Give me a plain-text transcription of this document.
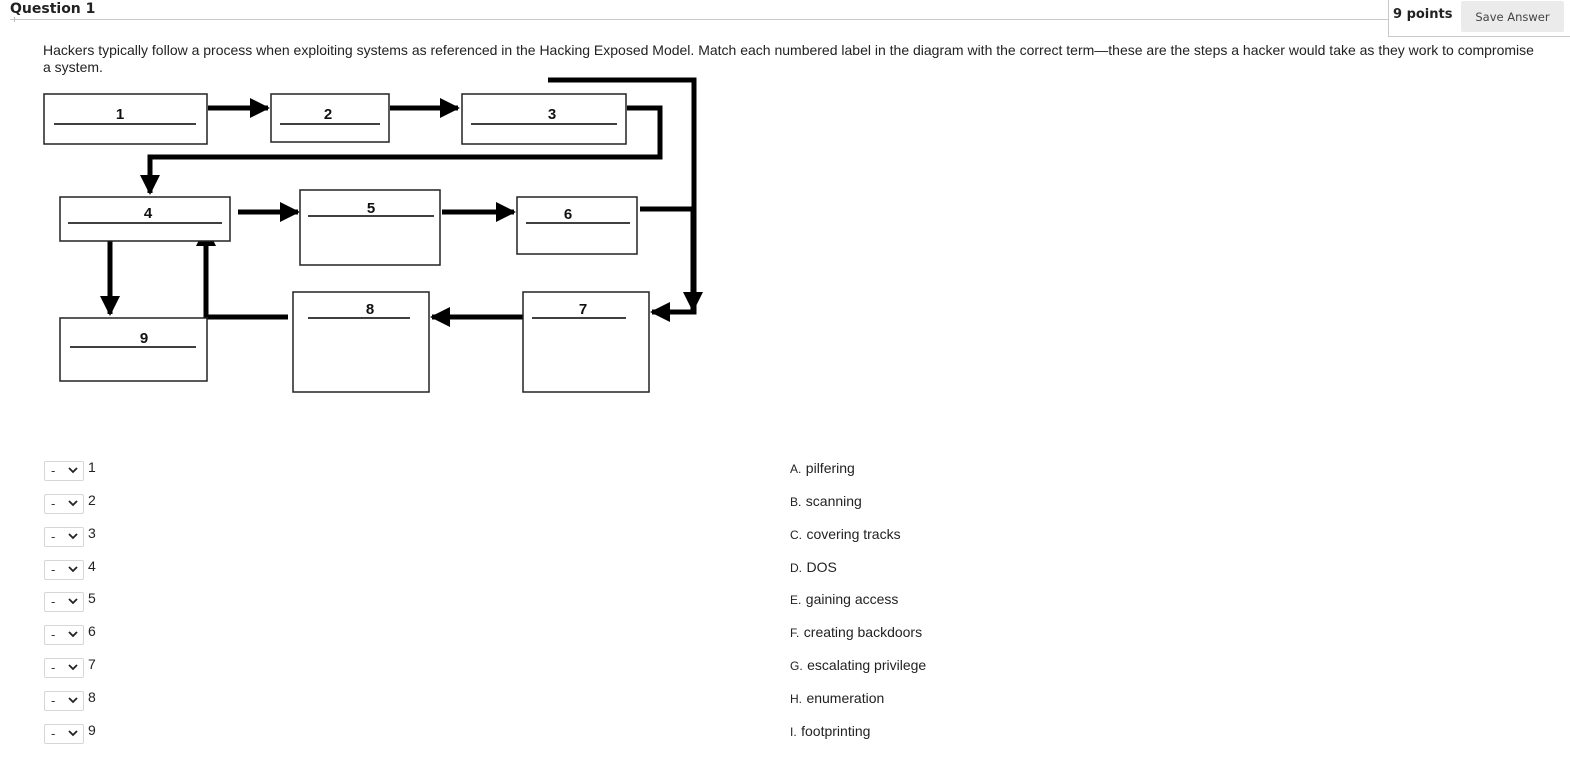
Question 1	9 points	Save Answer
Hackers typically follow a process when exploiting systems as referenced in the Hacking Exposed Model. Match each numbered label in the diagram with the correct term—these are the steps a hacker would take as they work to compromise a system.
1	2	3
4	5	6
7
8
9
- 1
- 2
- 3
- 4
- 5
- 6
- 7
- 8
- 9
A. pilfering
B. scanning
C. covering tracks
D. DOS
E. gaining access
F. creating backdoors
G. escalating privilege
H. enumeration
I. footprinting
